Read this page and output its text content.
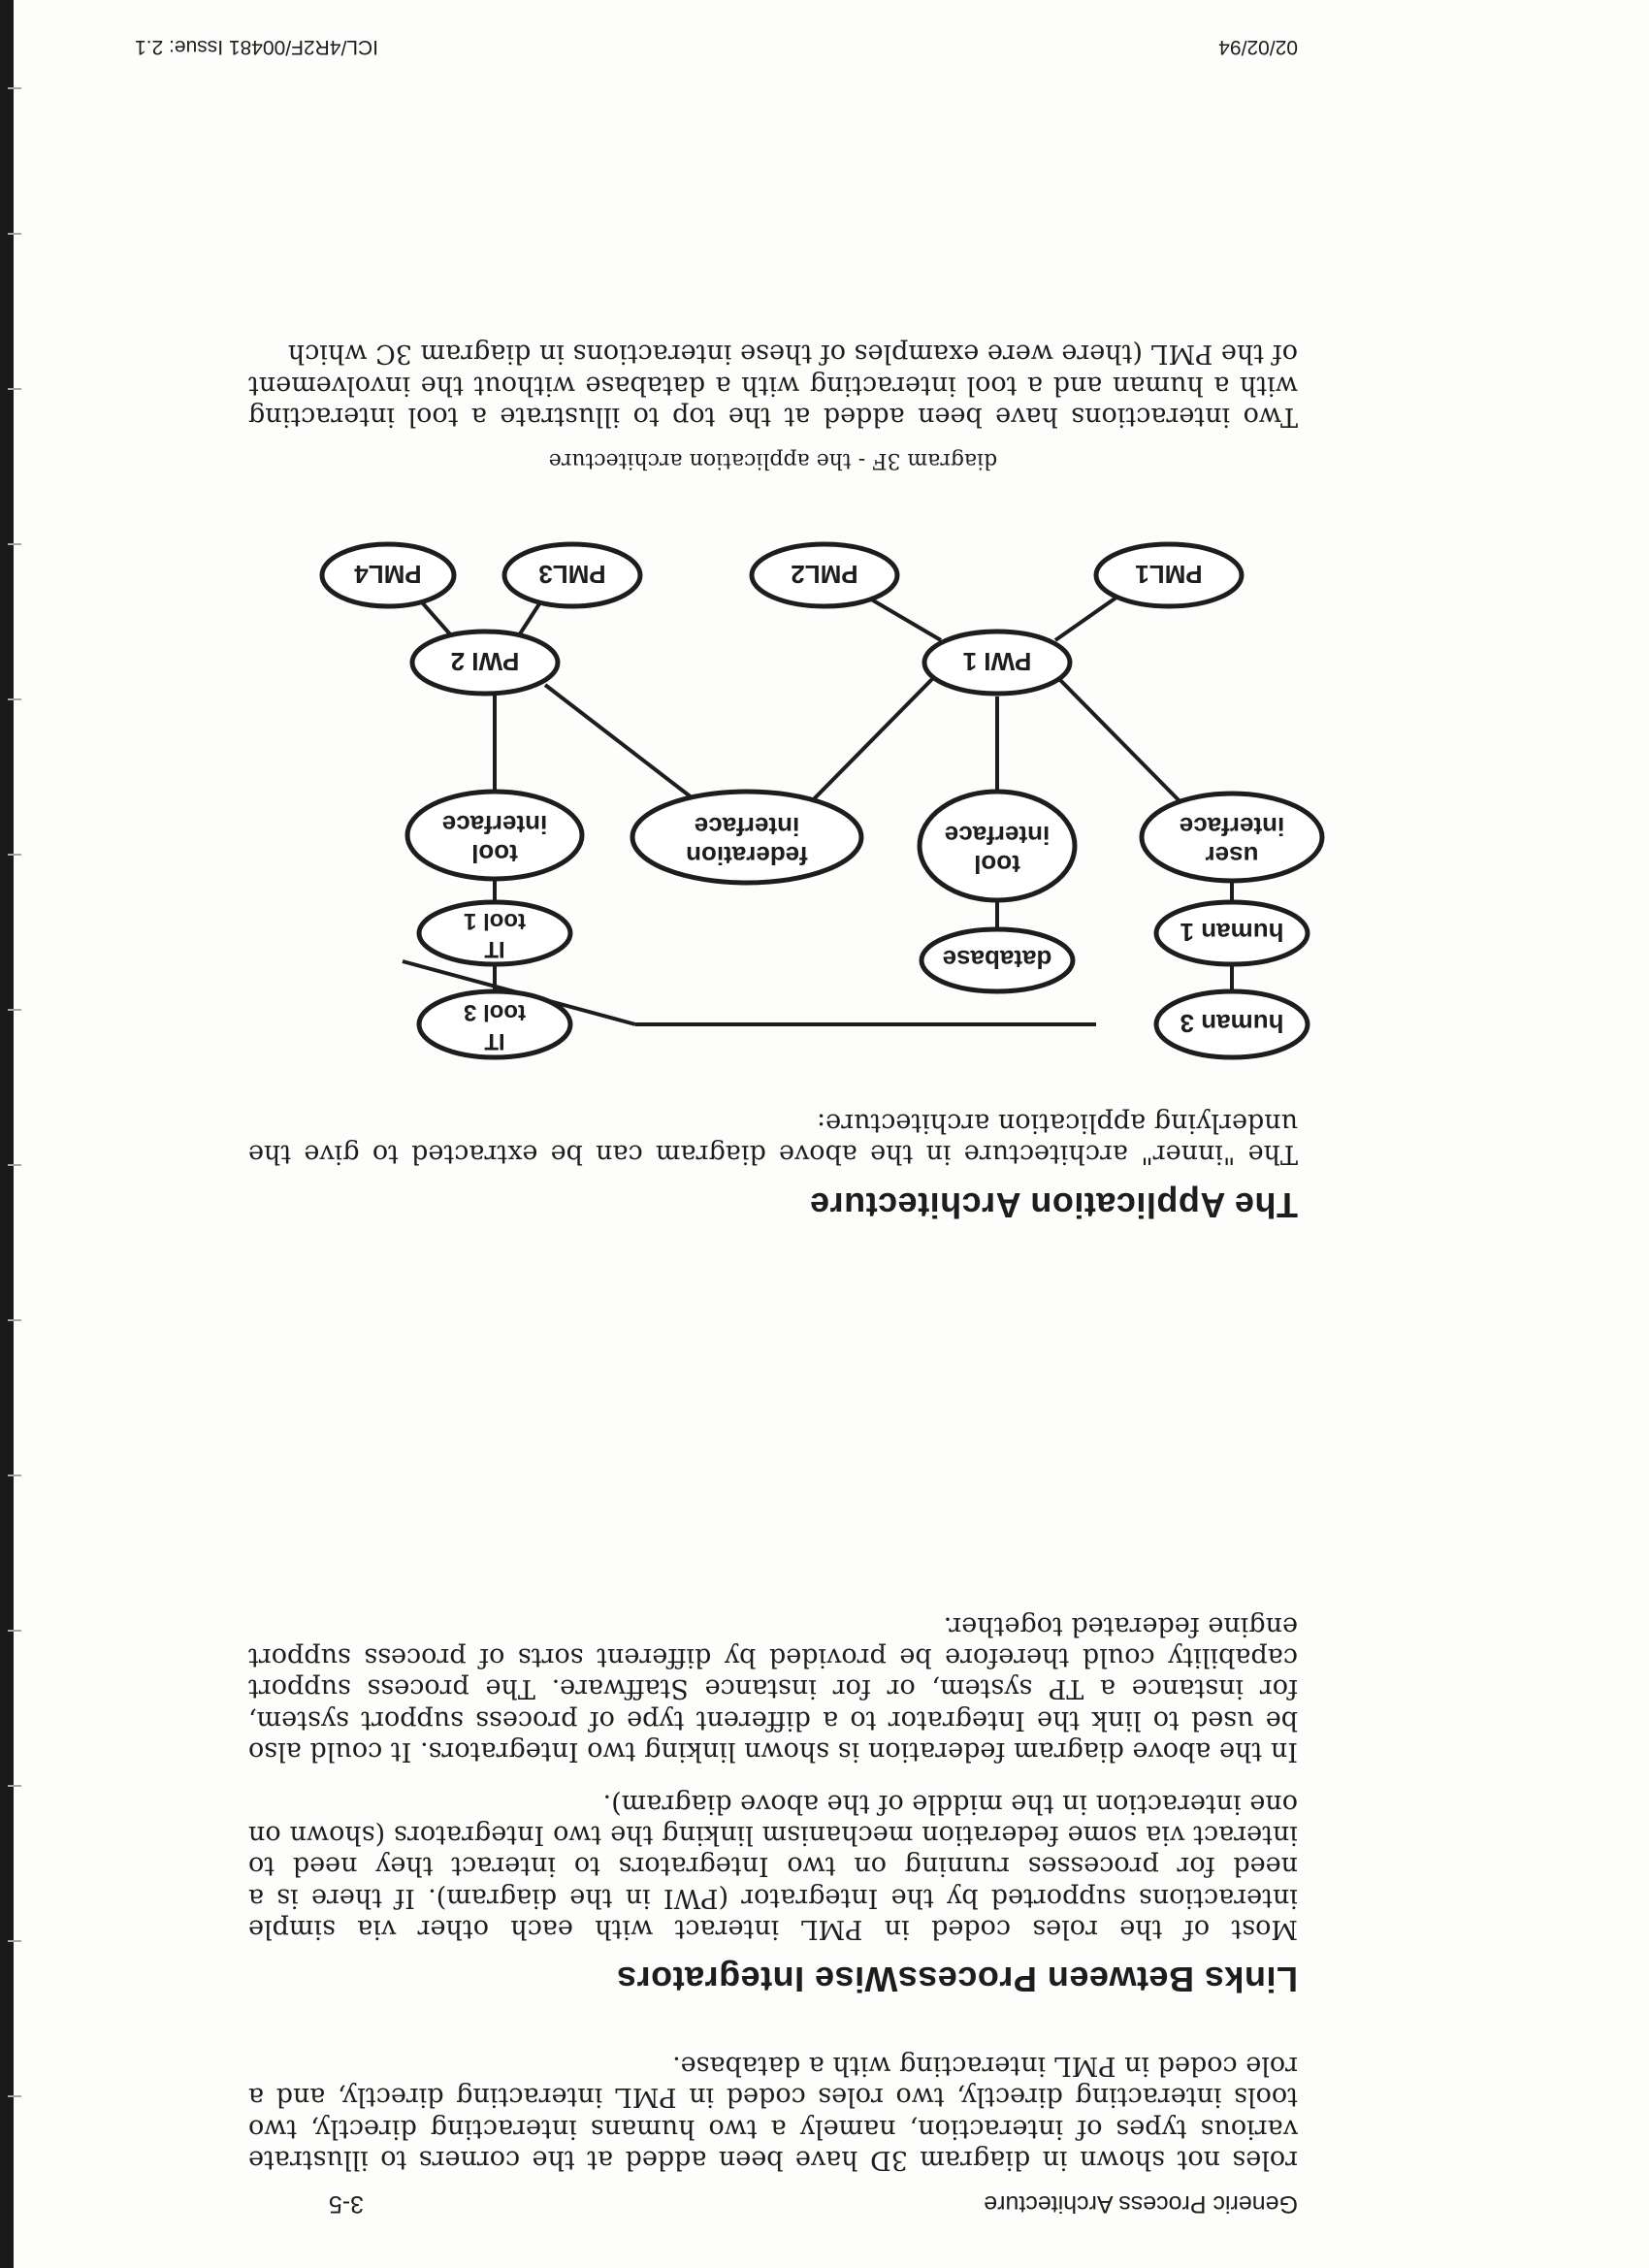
Generic Process Architecture
3-5

roles not shown in diagram 3D have been added at the corners to illustrate various types of interaction, namely a two humans interacting directly, two tools interacting directly, two roles coded in PML interacting directly, and a role coded in PML interacting with a database.

Links Between ProcessWise Integrators

Most of the roles coded in PML interact with each other via simple interactions supported by the Integrator (PWI in the diagram). If there is a need for processes running on two Integrators to interact they need to interact via some federation mechanism linking the two Integrators (shown on one interaction in the middle of the above diagram).

In the above diagram federation is shown linking two Integrators. It could also be used to link the Integrator to a different type of process support system, for instance a TP system, or for instance Staffware. The process support capability could therefore be provided by different sorts of process support engine federated together.

The Application Architecture

The "inner" architecture in the above diagram can be extracted to give the underlying application architecture:

human 3
IT
tool 3
human 1
database
IT
tool 1
user
interface
tool
interface
federation
interface
tool
interface
PWI 1
PWI 2
PML1
PML2
PML3
PML4
diagram 3F - the application architecture

Two interactions have been added at the top to illustrate a tool interacting with a human and a tool interacting with a database without the involvement of the PML (there were examples of these interactions in diagram 3C which

02/02/94
ICL/4R2F/00481 Issue: 2.1
